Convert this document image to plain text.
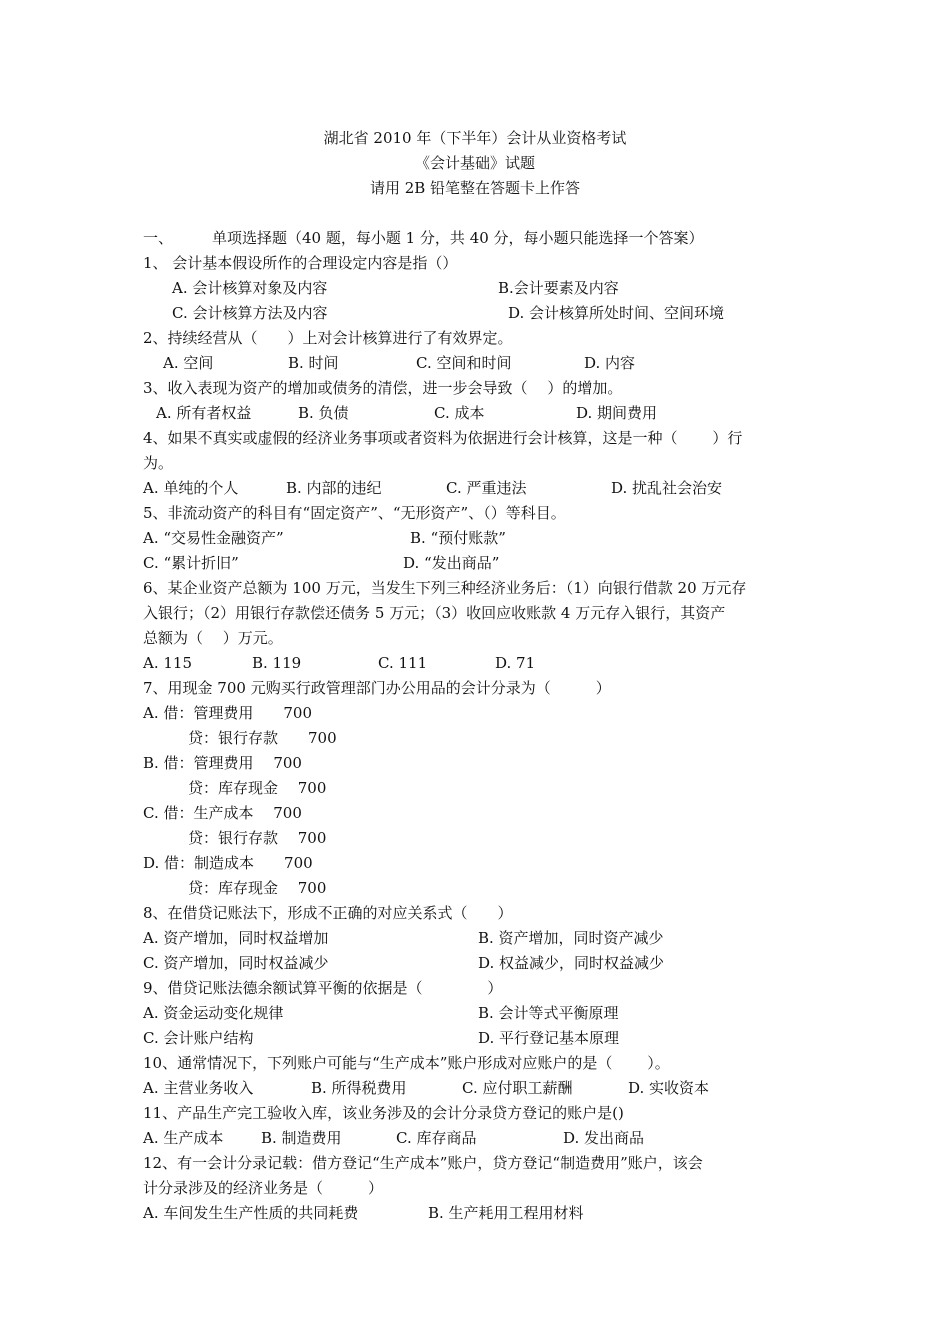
湖北省 2010 年（下半年）会计从业资格考试
《会计基础》试题
请用 2B 铅笔整在答题卡上作答
一、	单项选择题（40 题，每小题 1 分，共 40 分，每小题只能选择一个答案）
1、 会计基本假设所作的合理设定内容是指（）
A. 会计核算对象及内容	B.会计要素及内容
C. 会计核算方法及内容	D. 会计核算所处时间、空间环境
2、持续经营从（　　）上对会计核算进行了有效界定。
A. 空间	B. 时间	C. 空间和时间	D. 内容
3、收入表现为资产的增加或债务的清偿，进一步会导致（　 ）的增加。
A. 所有者权益	B. 负债	C. 成本	D. 期间费用
4、如果不真实或虚假的经济业务事项或者资料为依据进行会计核算，这是一种（　　 ）行
为。
A. 单纯的个人	B. 内部的违纪	C. 严重违法	D. 扰乱社会治安
5、非流动资产的科目有“固定资产”、“无形资产”、（）等科目。
A. “交易性金融资产”	B. “预付账款”
C. “累计折旧”	D. “发出商品”
6、某企业资产总额为 100 万元，当发生下列三种经济业务后：（1）向银行借款 20 万元存
入银行；（2）用银行存款偿还债务 5 万元；（3）收回应收账款 4 万元存入银行，其资产
总额为（　 ）万元。
A. 115	B. 119	C. 111	D. 71
7、用现金 700 元购买行政管理部门办公用品的会计分录为（　　　）
A. 借：管理费用　　700
贷：银行存款　　700
B. 借：管理费用　 700
贷：库存现金　 700
C. 借：生产成本　 700
贷：银行存款　 700
D. 借：制造成本　　700
贷：库存现金　 700
8、在借贷记账法下，形成不正确的对应关系式（　　）
A. 资产增加，同时权益增加	B. 资产增加，同时资产减少
C. 资产增加，同时权益减少	D. 权益减少，同时权益减少
9、借贷记账法德余额试算平衡的依据是（　　　　 ）
A. 资金运动变化规律	B. 会计等式平衡原理
C. 会计账户结构	D. 平行登记基本原理
10、通常情况下，下列账户可能与“生产成本”账户形成对应账户的是（　　 ）。
A. 主营业务收入	B. 所得税费用	C. 应付职工薪酬	D. 实收资本
11、产品生产完工验收入库，该业务涉及的会计分录贷方登记的账户是()
A. 生产成本	B. 制造费用	C. 库存商品	D. 发出商品
12、有一会计分录记载：借方登记“生产成本”账户，贷方登记“制造费用”账户，该会
计分录涉及的经济业务是（　　　）
A. 车间发生生产性质的共同耗费	B. 生产耗用工程用材料
